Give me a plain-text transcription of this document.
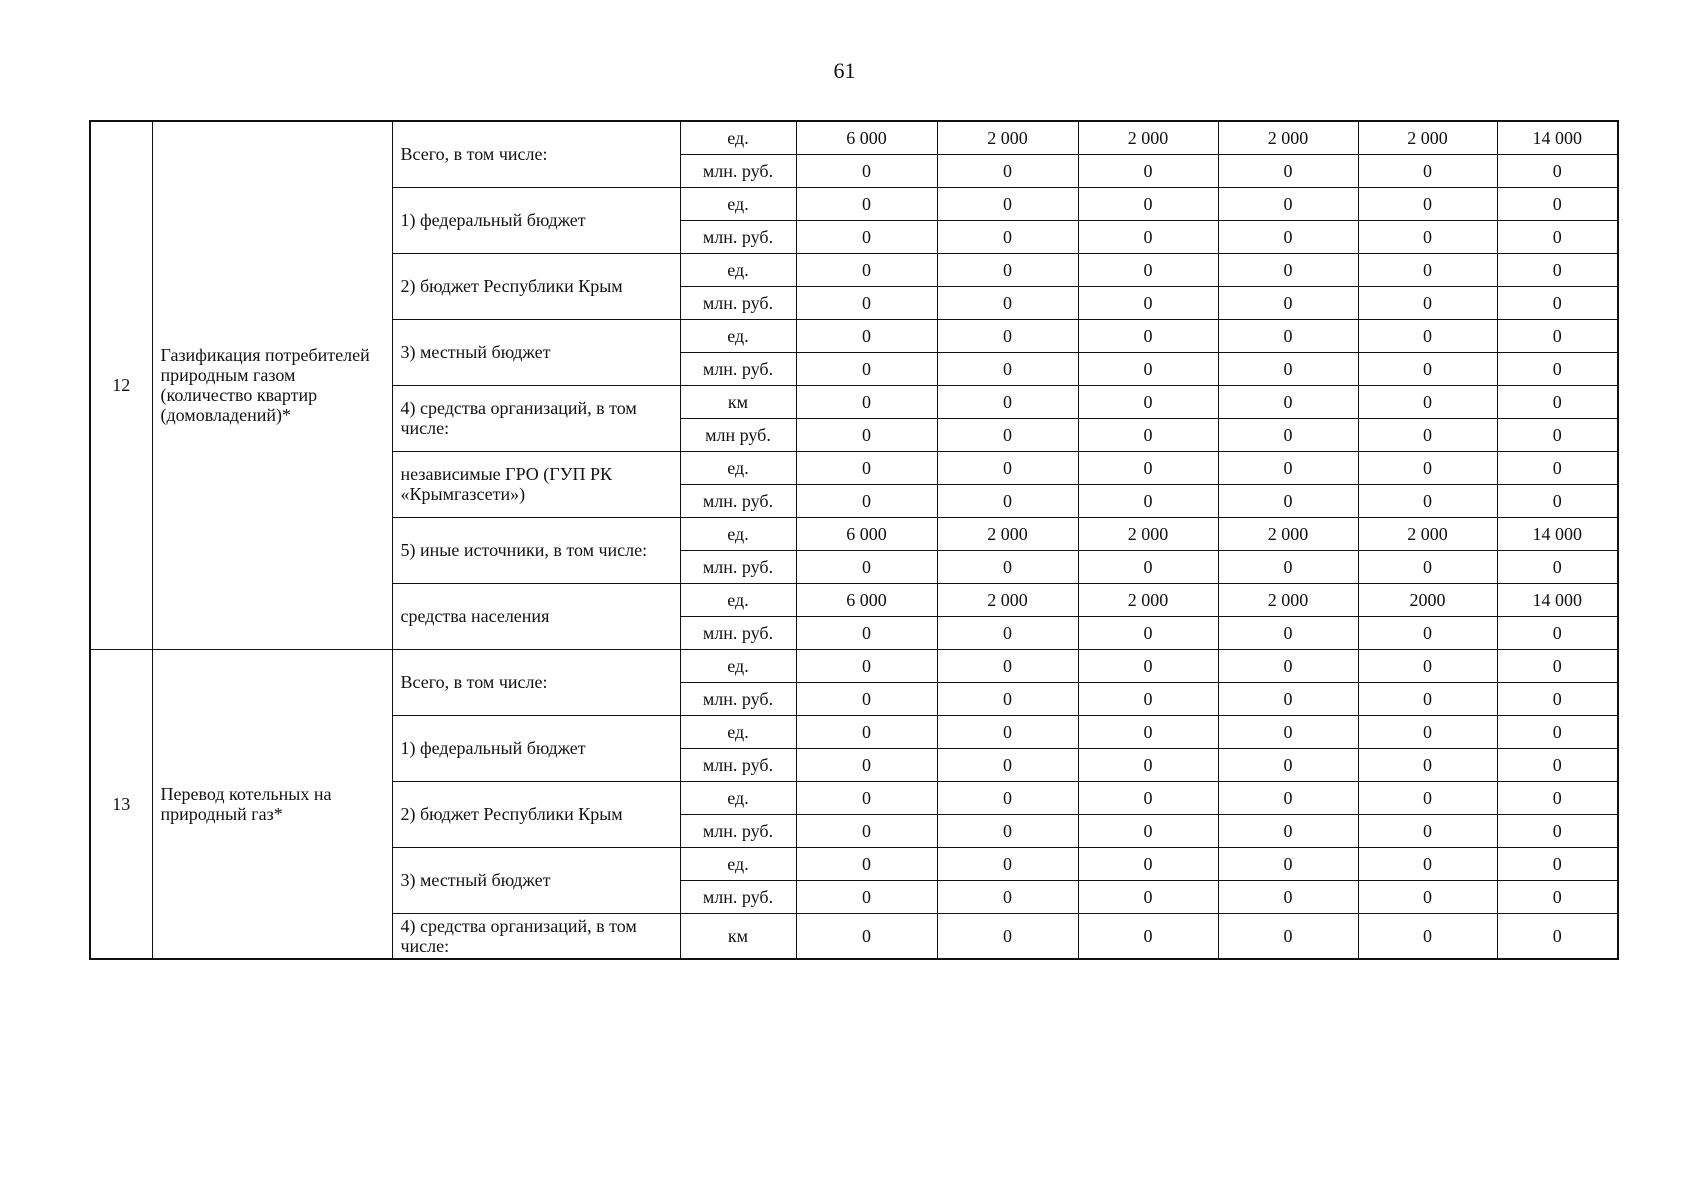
61
12	Газификация потребителей природным газом (количество квартир (домовладений)*	Всего, в том числе:	ед.	6 000	2 000	2 000	2 000	2 000	14 000
			млн. руб.	0	0	0	0	0	0
		1) федеральный бюджет	ед.	0	0	0	0	0	0
			млн. руб.	0	0	0	0	0	0
		2) бюджет Республики Крым	ед.	0	0	0	0	0	0
			млн. руб.	0	0	0	0	0	0
		3) местный бюджет	ед.	0	0	0	0	0	0
			млн. руб.	0	0	0	0	0	0
		4) средства организаций, в том числе:	км	0	0	0	0	0	0
			млн руб.	0	0	0	0	0	0
		независимые ГРО (ГУП РК «Крымгазсети»)	ед.	0	0	0	0	0	0
			млн. руб.	0	0	0	0	0	0
		5) иные источники, в том числе:	ед.	6 000	2 000	2 000	2 000	2 000	14 000
			млн. руб.	0	0	0	0	0	0
		средства населения	ед.	6 000	2 000	2 000	2 000	2000	14 000
			млн. руб.	0	0	0	0	0	0
13	Перевод котельных на природный газ*	Всего, в том числе:	ед.	0	0	0	0	0	0
			млн. руб.	0	0	0	0	0	0
		1) федеральный бюджет	ед.	0	0	0	0	0	0
			млн. руб.	0	0	0	0	0	0
		2) бюджет Республики Крым	ед.	0	0	0	0	0	0
			млн. руб.	0	0	0	0	0	0
		3) местный бюджет	ед.	0	0	0	0	0	0
			млн. руб.	0	0	0	0	0	0
		4) средства организаций, в том числе:	км	0	0	0	0	0	0
